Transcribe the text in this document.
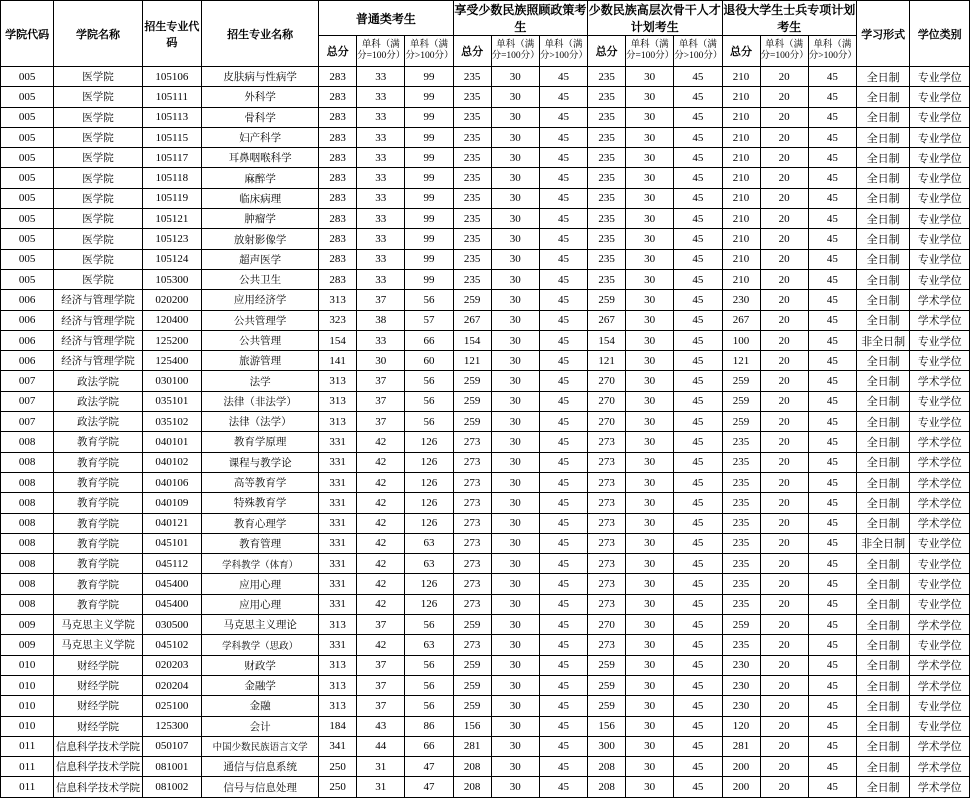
学院代码	学院名称	招生专业代码	招生专业名称	普通类考生			享受少数民族照顾政策考生			少数民族高层次骨干人才计划考生			退役大学生士兵专项计划考生			学习形式	学位类别
				总分	单科（满分=100分）	单科（满分>100分）	总分	单科（满分=100分）	单科（满分>100分）	总分	单科（满分=100分）	单科（满分>100分）	总分	单科（满分=100分）	单科（满分>100分）		
005	医学院	105106	皮肤病与性病学	283	33	99	235	30	45	235	30	45	210	20	45	全日制	专业学位
005	医学院	105111	外科学	283	33	99	235	30	45	235	30	45	210	20	45	全日制	专业学位
005	医学院	105113	骨科学	283	33	99	235	30	45	235	30	45	210	20	45	全日制	专业学位
005	医学院	105115	妇产科学	283	33	99	235	30	45	235	30	45	210	20	45	全日制	专业学位
005	医学院	105117	耳鼻咽喉科学	283	33	99	235	30	45	235	30	45	210	20	45	全日制	专业学位
005	医学院	105118	麻醉学	283	33	99	235	30	45	235	30	45	210	20	45	全日制	专业学位
005	医学院	105119	临床病理	283	33	99	235	30	45	235	30	45	210	20	45	全日制	专业学位
005	医学院	105121	肿瘤学	283	33	99	235	30	45	235	30	45	210	20	45	全日制	专业学位
005	医学院	105123	放射影像学	283	33	99	235	30	45	235	30	45	210	20	45	全日制	专业学位
005	医学院	105124	超声医学	283	33	99	235	30	45	235	30	45	210	20	45	全日制	专业学位
005	医学院	105300	公共卫生	283	33	99	235	30	45	235	30	45	210	20	45	全日制	专业学位
006	经济与管理学院	020200	应用经济学	313	37	56	259	30	45	259	30	45	230	20	45	全日制	学术学位
006	经济与管理学院	120400	公共管理学	323	38	57	267	30	45	267	30	45	267	20	45	全日制	学术学位
006	经济与管理学院	125200	公共管理	154	33	66	154	30	45	154	30	45	100	20	45	非全日制	专业学位
006	经济与管理学院	125400	旅游管理	141	30	60	121	30	45	121	30	45	121	20	45	全日制	专业学位
007	政法学院	030100	法学	313	37	56	259	30	45	270	30	45	259	20	45	全日制	学术学位
007	政法学院	035101	法律（非法学）	313	37	56	259	30	45	270	30	45	259	20	45	全日制	专业学位
007	政法学院	035102	法律（法学）	313	37	56	259	30	45	270	30	45	259	20	45	全日制	专业学位
008	教育学院	040101	教育学原理	331	42	126	273	30	45	273	30	45	235	20	45	全日制	学术学位
008	教育学院	040102	课程与教学论	331	42	126	273	30	45	273	30	45	235	20	45	全日制	学术学位
008	教育学院	040106	高等教育学	331	42	126	273	30	45	273	30	45	235	20	45	全日制	学术学位
008	教育学院	040109	特殊教育学	331	42	126	273	30	45	273	30	45	235	20	45	全日制	学术学位
008	教育学院	040121	教育心理学	331	42	126	273	30	45	273	30	45	235	20	45	全日制	学术学位
008	教育学院	045101	教育管理	331	42	63	273	30	45	273	30	45	235	20	45	非全日制	专业学位
008	教育学院	045112	学科教学（体育）	331	42	63	273	30	45	273	30	45	235	20	45	全日制	专业学位
008	教育学院	045400	应用心理	331	42	126	273	30	45	273	30	45	235	20	45	全日制	专业学位
008	教育学院	045400	应用心理	331	42	126	273	30	45	273	30	45	235	20	45	全日制	专业学位
009	马克思主义学院	030500	马克思主义理论	313	37	56	259	30	45	270	30	45	259	20	45	全日制	学术学位
009	马克思主义学院	045102	学科教学（思政）	331	42	63	273	30	45	273	30	45	235	20	45	全日制	专业学位
010	财经学院	020203	财政学	313	37	56	259	30	45	259	30	45	230	20	45	全日制	学术学位
010	财经学院	020204	金融学	313	37	56	259	30	45	259	30	45	230	20	45	全日制	学术学位
010	财经学院	025100	金融	313	37	56	259	30	45	259	30	45	230	20	45	全日制	专业学位
010	财经学院	125300	会计	184	43	86	156	30	45	156	30	45	120	20	45	全日制	专业学位
011	信息科学技术学院	050107	中国少数民族语言文学	341	44	66	281	30	45	300	30	45	281	20	45	全日制	学术学位
011	信息科学技术学院	081001	通信与信息系统	250	31	47	208	30	45	208	30	45	200	20	45	全日制	学术学位
011	信息科学技术学院	081002	信号与信息处理	250	31	47	208	30	45	208	30	45	200	20	45	全日制	学术学位
